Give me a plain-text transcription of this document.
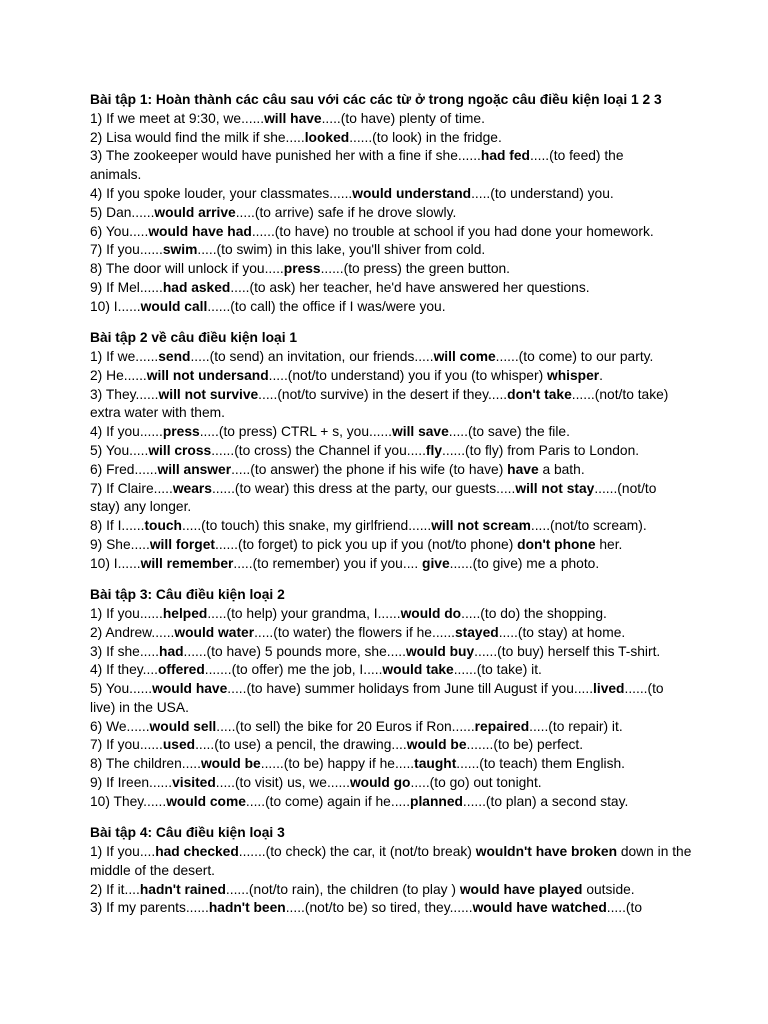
Bài tập 1: Hoàn thành các câu sau với các các từ ở trong ngoặc câu điều kiện loại 1 2 3
1) If we meet at 9:30, we......will have.....(to have) plenty of time.
2) Lisa would find the milk if she.....looked......(to look) in the fridge.
3) The zookeeper would have punished her with a fine if she......had fed.....(to feed) the
animals.
4) If you spoke louder, your classmates......would understand.....(to understand) you.
5) Dan......would arrive.....(to arrive) safe if he drove slowly.
6) You.....would have had......(to have) no trouble at school if you had done your homework.
7) If you......swim.....(to swim) in this lake, you'll shiver from cold.
8) The door will unlock if you.....press......(to press) the green button.
9) If Mel......had asked.....(to ask) her teacher, he'd have answered her questions.
10) I......would call......(to call) the office if I was/were you.
Bài tập 2 về câu điều kiện loại 1
1) If we......send.....(to send) an invitation, our friends.....will come......(to come) to our party.
2) He......will not undersand.....(not/to understand) you if you (to whisper) whisper.
3) They......will not survive.....(not/to survive) in the desert if they.....don't take......(not/to take)
extra water with them.
4) If you......press.....(to press) CTRL + s, you......will save.....(to save) the file.
5) You.....will cross......(to cross) the Channel if you.....fly......(to fly) from Paris to London.
6) Fred......will answer.....(to answer) the phone if his wife (to have) have a bath.
7) If Claire.....wears......(to wear) this dress at the party, our guests.....will not stay......(not/to
stay) any longer.
8) If I......touch.....(to touch) this snake, my girlfriend......will not scream.....(not/to scream).
9) She.....will forget......(to forget) to pick you up if you (not/to phone) don't phone her.
10) I......will remember.....(to remember) you if you.... give......(to give) me a photo.
Bài tập 3: Câu điều kiện loại 2
1) If you......helped.....(to help) your grandma, I......would do.....(to do) the shopping.
2) Andrew......would water.....(to water) the flowers if he......stayed.....(to stay) at home.
3) If she.....had......(to have) 5 pounds more, she.....would buy......(to buy) herself this T-shirt.
4) If they....offered.......(to offer) me the job, I.....would take......(to take) it.
5) You......would have.....(to have) summer holidays from June till August if you.....lived......(to
live) in the USA.
6) We......would sell.....(to sell) the bike for 20 Euros if Ron......repaired.....(to repair) it.
7) If you......used.....(to use) a pencil, the drawing....would be.......(to be) perfect.
8) The children.....would be......(to be) happy if he.....taught......(to teach) them English.
9) If Ireen......visited.....(to visit) us, we......would go.....(to go) out tonight.
10) They......would come.....(to come) again if he.....planned......(to plan) a second stay.
Bài tập 4: Câu điều kiện loại 3
1) If you....had checked.......(to check) the car, it (not/to break) wouldn't have broken down in the
middle of the desert.
2) If it....hadn't rained......(not/to rain), the children (to play ) would have played outside.
3) If my parents......hadn't been.....(not/to be) so tired, they......would have watched.....(to
